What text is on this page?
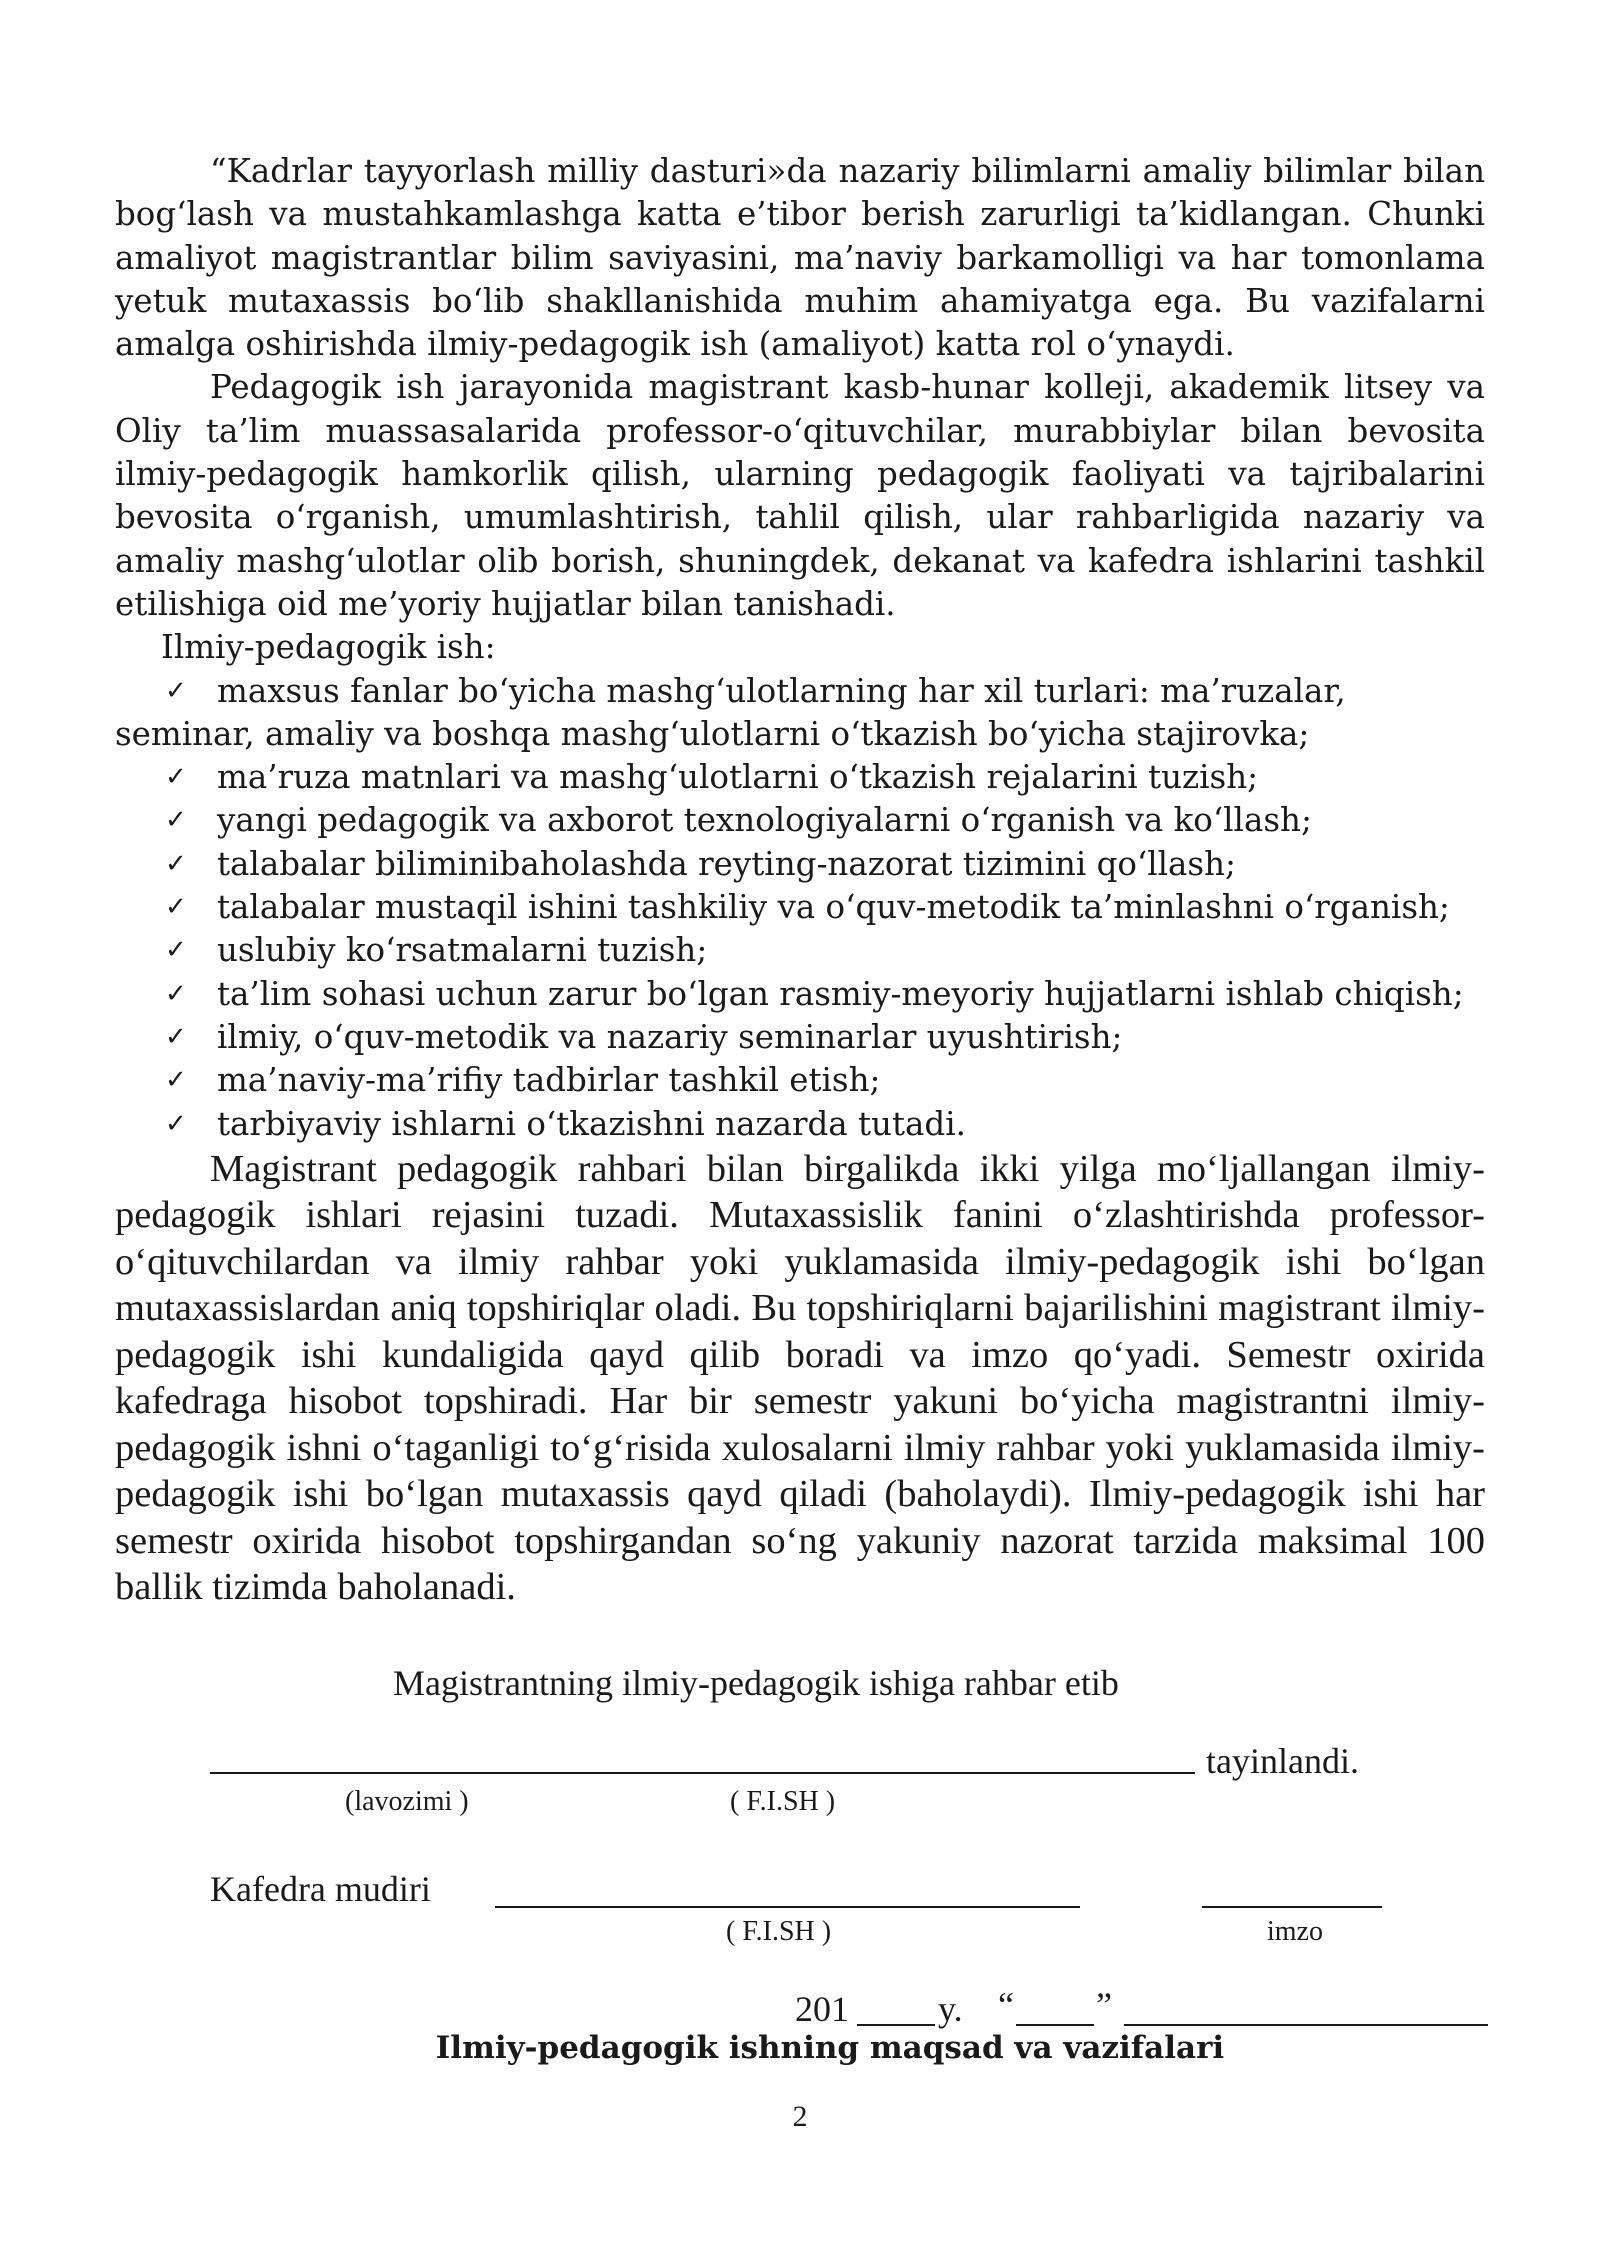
“Kadrlar tayyorlash milliy dasturi»da nazariy bilimlarni amaliy bilimlar bilan bog‘lash va mustahkamlashga katta e’tibor berish zarurligi ta’kidlangan. Chunki amaliyot magistrantlar bilim saviyasini, ma’naviy barkamolligi va har tomonlama yetuk mutaxassis bo‘lib shakllanishida muhim ahamiyatga ega. Bu vazifalarni amalga oshirishda ilmiy-pedagogik ish (amaliyot) katta rol o‘ynaydi.

Pedagogik ish jarayonida magistrant kasb-hunar kolleji, akademik litsey va Oliy ta’lim muassasalarida professor-o‘qituvchilar, murabbiylar bilan bevosita ilmiy-pedagogik hamkorlik qilish, ularning pedagogik faoliyati va tajribalarini bevosita o‘rganish, umumlashtirish, tahlil qilish, ular rahbarligida nazariy va amaliy mashg‘ulotlar olib borish, shuningdek, dekanat va kafedra ishlarini tashkil etilishiga oid me’yoriy hujjatlar bilan tanishadi.

Ilmiy-pedagogik ish:

✓ maxsus fanlar bo‘yicha mashg‘ulotlarning har xil turlari: ma’ruzalar, seminar, amaliy va boshqa mashg‘ulotlarni o‘tkazish bo‘yicha stajirovka;
✓ ma’ruza matnlari va mashg‘ulotlarni o‘tkazish rejalarini tuzish;
✓ yangi pedagogik va axborot texnologiyalarni o‘rganish va ko‘llash;
✓ talabalar biliminibaholashda reyting-nazorat tizimini qo‘llash;
✓ talabalar mustaqil ishini tashkiliy va o‘quv-metodik ta’minlashni o‘rganish;
✓ uslubiy ko‘rsatmalarni tuzish;
✓ ta’lim sohasi uchun zarur bo‘lgan rasmiy-meyoriy hujjatlarni ishlab chiqish;
✓ ilmiy, o‘quv-metodik va nazariy seminarlar uyushtirish;
✓ ma’naviy-ma’rifiy tadbirlar tashkil etish;
✓ tarbiyaviy ishlarni o‘tkazishni nazarda tutadi.

Magistrant pedagogik rahbari bilan birgalikda ikki yilga mo‘ljallangan ilmiy-pedagogik ishlari rejasini tuzadi. Mutaxassislik fanini o‘zlashtirishda professor-o‘qituvchilardan va ilmiy rahbar yoki yuklamasida ilmiy-pedagogik ishi bo‘lgan mutaxassislardan aniq topshiriqlar oladi. Bu topshiriqlarni bajarilishini magistrant ilmiy-pedagogik ishi kundaligida qayd qilib boradi va imzo qo‘yadi. Semestr oxirida kafedraga hisobot topshiradi. Har bir semestr yakuni bo‘yicha magistrantni ilmiy-pedagogik ishni o‘taganligi to‘g‘risida xulosalarni ilmiy rahbar yoki yuklamasida ilmiy-pedagogik ishi bo‘lgan mutaxassis qayd qiladi (baholaydi). Ilmiy-pedagogik ishi har semestr oxirida hisobot topshirgandan so‘ng yakuniy nazorat tarzida maksimal 100 ballik tizimda baholanadi.

Magistrantning ilmiy-pedagogik ishiga rahbar etib
tayinlandi.
(lavozimi )	( F.I.SH )
Kafedra mudiri
( F.I.SH )	imzo
201 y. “ ”
Ilmiy-pedagogik ishning maqsad va vazifalari
2
